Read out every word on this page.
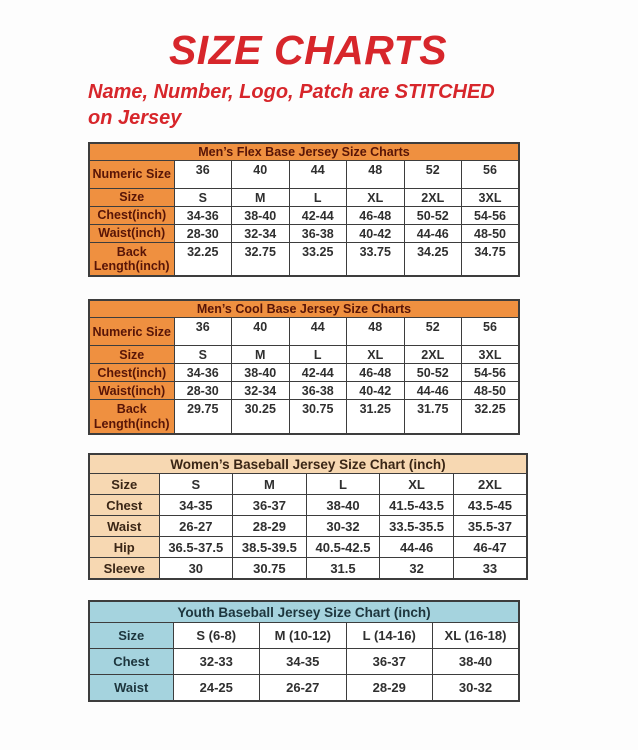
SIZE CHARTS

Name, Number, Logo, Patch are STITCHED
on Jersey

Men’s Flex Base Jersey Size Charts						
Numeric Size	36	40	44	48	52	56
Size	S	M	L	XL	2XL	3XL
Chest(inch)	34-36	38-40	42-44	46-48	50-52	54-56
Waist(inch)	28-30	32-34	36-38	40-42	44-46	48-50
Back Length(inch)	32.25	32.75	33.25	33.75	34.25	34.75
Men’s Cool Base Jersey Size Charts						
Numeric Size	36	40	44	48	52	56
Size	S	M	L	XL	2XL	3XL
Chest(inch)	34-36	38-40	42-44	46-48	50-52	54-56
Waist(inch)	28-30	32-34	36-38	40-42	44-46	48-50
Back Length(inch)	29.75	30.25	30.75	31.25	31.75	32.25
Women’s Baseball Jersey Size Chart (inch)					
Size	S	M	L	XL	2XL
Chest	34-35	36-37	38-40	41.5-43.5	43.5-45
Waist	26-27	28-29	30-32	33.5-35.5	35.5-37
Hip	36.5-37.5	38.5-39.5	40.5-42.5	44-46	46-47
Sleeve	30	30.75	31.5	32	33
Youth Baseball Jersey Size Chart (inch)				
Size	S (6-8)	M (10-12)	L (14-16)	XL (16-18)
Chest	32-33	34-35	36-37	38-40
Waist	24-25	26-27	28-29	30-32
